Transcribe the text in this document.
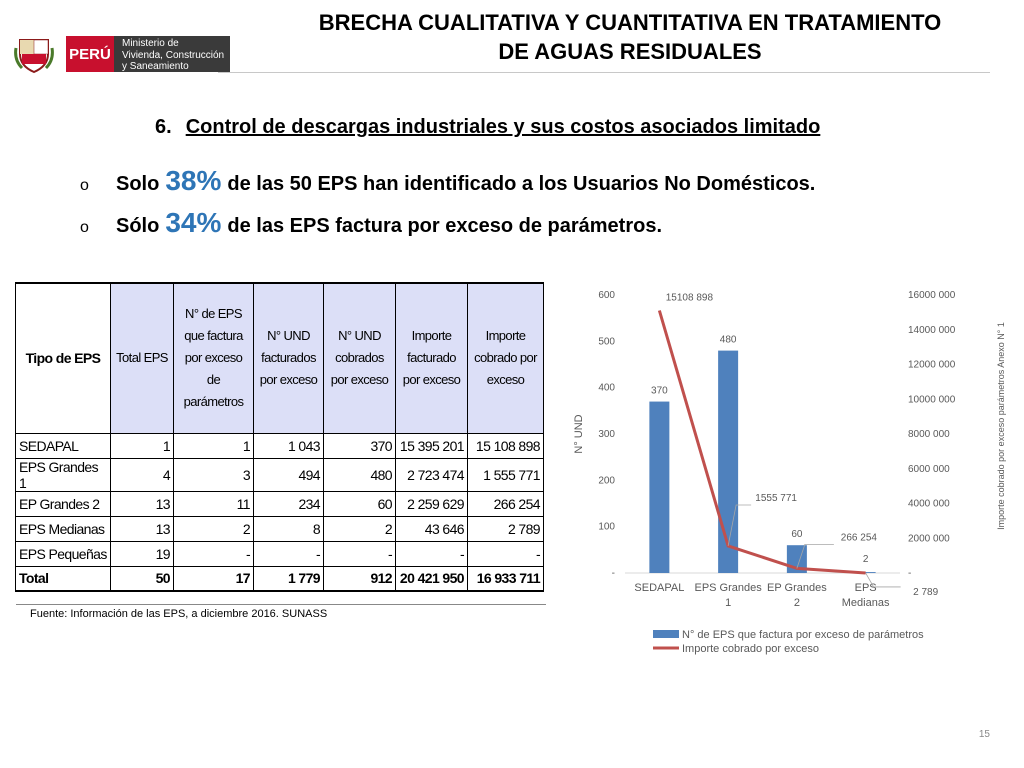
PERÚ
Ministerio de
Vivienda, Construcción
y Saneamiento
BRECHA CUALITATIVA Y CUANTITATIVA EN TRATAMIENTO
DE AGUAS RESIDUALES
6. Control de descargas industriales y sus costos asociados limitado
o	Solo 38% de las 50 EPS han identificado a los Usuarios No Domésticos.
o	Sólo 34% de las EPS factura por exceso de parámetros.
Tipo de EPS	Total EPS	N° de EPS que factura por exceso de parámetros	N° UND facturados por exceso	N° UND cobrados por exceso	Importe facturado por exceso	Importe cobrado por exceso
SEDAPAL	1	1	1 043	370	15 395 201	15 108 898
EPS Grandes 1	4	3	494	480	2 723 474	1 555 771
EP Grandes 2	13	11	234	60	2 259 629	266 254
EPS Medianas	13	2	8	2	43 646	2 789
EPS Pequeñas	19	-	-	-	-	-
Total	50	17	1 779	912	20 421 950	16 933 711
Fuente: Información de las EPS, a diciembre 2016. SUNASS
-
100
200
300
400
500
600
-
2000 000
4000 000
6000 000
8000 000
10000 000
12000 000
14000 000
16000 000
N° UND	Importe cobrado por exceso parámetros Anexo N° 1
370
480
60
2
SEDAPAL EPS Grandes
1
EP Grandes
2
EPS
Medianas
15108 898
1555 771
266 254
2 789
N° de EPS que factura por exceso de parámetros
Importe cobrado por exceso
15
